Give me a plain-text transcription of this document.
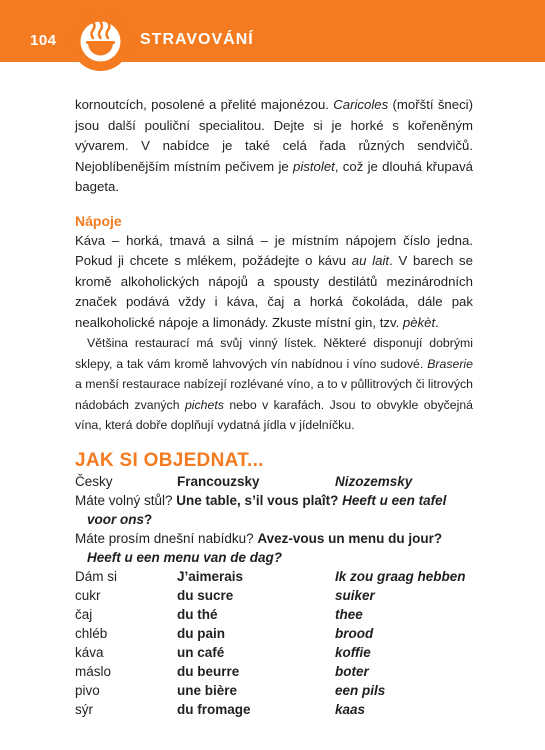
104	STRAVOVÁNÍ

kornoutcích, posolené a přelité majonézou. Caricoles (mořští šneci) jsou další pouliční specialitou. Dejte si je horké s kořeněným vývarem. V nabídce je také celá řada různých sendvičů. Nejoblíbenějším místním pečivem je pistolet, což je dlouhá křupavá bageta.

Nápoje

Káva – horká, tmavá a silná – je místním nápojem číslo jedna. Pokud ji chcete s mlékem, požádejte o kávu au lait. V barech se kromě alkoholických nápojů a spousty destilátů mezinárodních značek podává vždy i káva, čaj a horká čokoláda, dále pak nealkoholické nápoje a limonády. Zkuste místní gin, tzv. pèkèt.

Většina restaurací má svůj vinný lístek. Některé disponují dobrými sklepy, a tak vám kromě lahvových vín nabídnou i víno sudové. Braserie a menší restaurace nabízejí rozlévané víno, a to v půllitrových či litrových nádobách zvaných pichets nebo v karafách. Jsou to obvykle obyčejná vína, která dobře doplňují vydatná jídla v jídelníčku.

JAK SI OBJEDNAT...
Česky	Francouzsky	Nizozemsky
Máte volný stůl? Une table, s’il vous plaît? Heeft u een tafel voor ons?
Máte prosím dnešní nabídku? Avez-vous un menu du jour? Heeft u een menu van de dag?
Dám si	J’aimerais	Ik zou graag hebben
cukr	du sucre	suiker
čaj	du thé	thee
chléb	du pain	brood
káva	un café	koffie
máslo	du beurre	boter
pivo	une bière	een pils
sýr	du fromage	kaas
